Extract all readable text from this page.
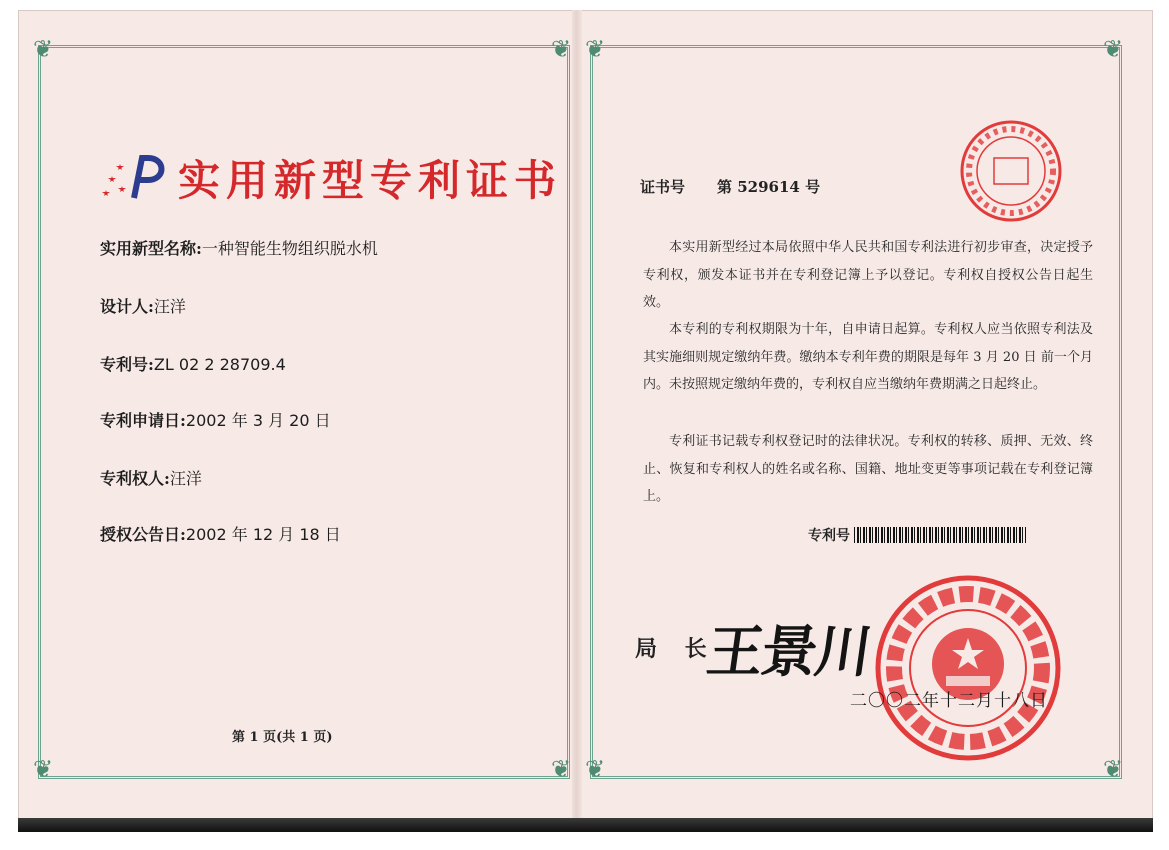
❦	❦
❦	❦
❦	❦
❦	❦
实用新型专利证书
实用新型名称:一种智能生物组织脱水机
设计人:汪洋
专利号:ZL 02 2 28709.4
专利申请日:2002 年 3 月 20 日
专利权人:汪洋
授权公告日:2002 年 12 月 18 日
第 1 页(共 1 页)
证书号 第 529614 号
本实用新型经过本局依照中华人民共和国专利法进行初步审查，决定授予专利权，颁发本证书并在专利登记簿上予以登记。专利权自授权公告日起生效。
本专利的专利权期限为十年，自申请日起算。专利权人应当依照专利法及其实施细则规定缴纳年费。缴纳本专利年费的期限是每年 3 月 20 日 前一个月内。未按照规定缴纳年费的，专利权自应当缴纳年费期满之日起终止。
专利证书记载专利权登记时的法律状况。专利权的转移、质押、无效、终止、恢复和专利权人的姓名或名称、国籍、地址变更等事项记载在专利登记簿上。
专利号
局 长
王景川
二〇〇二年十二月十八日
